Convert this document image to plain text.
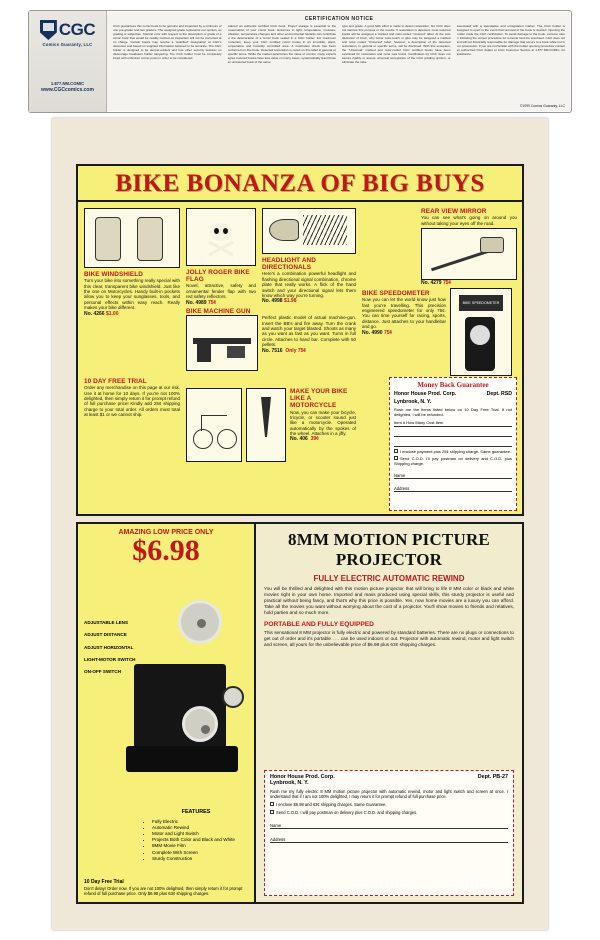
CGC
Comics Guaranty, LLC
1.877.NM.COMIC
www.CGCcomics.com
CERTIFICATION NOTICE
CGC guarantees this comic book to be genuine and inspected by a minimum of one pre-grader and two graders. The assigned grade represents our opinion, as grading is subjective. Clerical error with respect to the description or grade of a comic book that would be readily noticed on inspection will not be corrected at no charge. Certain books may receive a "qualified" designation at CGC's discretion and based on supplied information believed to be accurate. The CGC holder is designed to be tamper-evident and has other security features so discourage fraudulent holder tampering. The CGC holder must be completely intact with unbroken corner posts in order to be considered.
sidered an authentic certified CGC book. Proper storage is essential to the preservation of your comic book. Extremes in light, temperature, moisture, vibration, temperature changes and other environmental hazards can contribute to the deterioration of a comic book sealed in a CGC holder. For maximum protection, keep your CGC certified comic books in an immobile, silent, temperature and humidity controlled area. A restoration check has been performed on this book. Detected restoration is noted on this label in general or specific terms. While the market determines the value of comics, many experts agree restored books have less value on many cases, systematically least those an unrestored book of the same
type and grade. A good faith effort is made to detect restoration, but CGC does not warrant this process or the results. If restoration is detected, most restored books will be assigned a marked and color-coded "restored" label. At the sole discretion of CGC, why minor color-touch or glue may be assigned a marked and color coded "Universal" label, however, a description of the detected restoration, in general or specific terms, will be disclosed. With this exception, the "Universal" marked and color-coded CGC certified books have been examined for restoration and none was found. Certification by CGC does not assure rigidity or assure universal acceptance of the CGC grading opinion, or eliminate the risks
associated with a speculative and unregulated market. The CGC holder is designed to open in the event that removal of the book is desired. Opening the holder voids the CGC certification. To avoid damage to the book, extreme care in following the correct procedure for removal must be exercised. CGC does not and will not financially responsible for damage that occurs to a book while not in our possession. If you are not familiar with the holder opening procedure contact an authorized CGC dealer or CGC Customer Service at 1.877.NM.COMIC, for assistance.
©1999 Comics Guaranty, LLC
BIKE BONANZA OF BIG BUYS
BIKE WINDSHIELD
Turn your bike into something really special with this clear, transparent bike windshield. Just like the one on Motorcycles. Handy built-in pockets allow you to keep your sunglasses, tools, and personal effects within easy reach. Really makes your bike different.
No. 4266 $1.00
JOLLY ROGER BIKE FLAG
Novel, attractive, safety and ornamental fender flap with two red safety reflectors.
No. 4989 75¢
HEADLIGHT AND DIRECTIONALS
Here's a combination powerful headlight and flashing directional signal combination, chrome plate that really works. A flick of the hand switch and your directional signal lets them know which way you're turning.
No. 4998 $1.98
REAR VIEW MIRROR
You can see what's going on around you without taking your eyes off the road.
No. 4279 75¢
BIKE SPEEDOMETER
Now you can let the world know just how fast you're travelling. This precision engineered speedometer for only 75¢. You can time yourself for racing, sports, distance. Just attaches to your handlebar and go.
No. 4990 75¢
BIKE SPEEDOMETER
BIKE MACHINE GUN
Perfect plastic model of actual machine-gun. Insert the BB's and fire away. Turn the crank and watch your target blasted. Shoots as many as you want as fast as you want. Turns in full circle. Attaches to hand bar. Complete with 50 pellets.
No. 7516 Only 75¢
MAKE YOUR BIKE LIKE A MOTORCYCLE
Now, you can make your bicycle, tricycle, or scooter sound just like a motorcycle. Operated automatically by the spokes of the wheel. Attaches in a jiffy.
No. 406 39¢
10 DAY FREE TRIAL
Order any merchandise on this page at our risk. Use it at home for 10 days. If you're not 100% delighted, then simply return it for prompt refund of full purchase price! Kindly add 25¢ shipping charge to your total order. All orders must total at least $1 or we cannot ship.
Money Back Guarantee
Honor House Prod. Corp.	Dept. RSD
Lynbrook, N. Y.
Rush me the items listed below on 10 Day Free Trial. If not delighted, I will be refunded.
Item # How Many Cost Item

I enclose payment plus 25¢ shipping charge. Same guarantee.
Send C.O.D. I'll pay postman on delivery and C.O.D. plus Shipping charge.
Name
Address
AMAZING LOW PRICE ONLY
$6.98
ADJUSTABLE LENS
ADJUST DISTANCE
ADJUST HORIZONTAL
LIGHT-MOTOR SWITCH
ON-OFF SWITCH
FEATURES
• Fully Electric
• Automatic Rewind
• Motor and Light Switch
• Projects Both Color and Black and White
• 8MM Movie Film
• Complete With Screen
• Sturdy Construction
10 Day Free Trial
Don't delay! Order now. If you are not 100% delighted, then simply return it for prompt refund of full purchase price. Only $6.98 plus 63¢ shipping charges.
8MM MOTION PICTURE PROJECTOR
FULLY ELECTRIC AUTOMATIC REWIND
You will be thrilled and delighted with this motion picture projector that will bring to life 8 MM color or black and white movies right in your own home. Imported and mass produced using special skills, this sturdy projector is useful and practical without being fancy, and that's why this price is possible. Yes, now home movies are a luxury you can afford. Take all the movies you want without worrying about the cost of a projector. You'll show movies to friends and relatives, hold parties and so much more.
PORTABLE AND FULLY EQUIPPED
This sensational 8 MM projector is fully electric and powered by standard batteries. There are no plugs or connections to get out of order and it's portable . . . can be used indoors or out. Projector with automatic rewind, motor and light switch and screen, all yours for the unbelievable price of $6.98 plus 63¢ shipping charges.
Honor House Prod. Corp.	Dept. PB-27
Lynbrook, N. Y.
Rush me my fully electric 8 MM motion picture projector with automatic rewind, motor and light switch and screen at once. I understand that if I am not 100% delighted, I may return it for prompt refund of full purchase price.
I enclose $6.98 and 63¢ shipping charges. Same Guarantee.
Send C.O.D. I will pay postman on delivery plus C.O.D. and shipping charges.
Name
Address
